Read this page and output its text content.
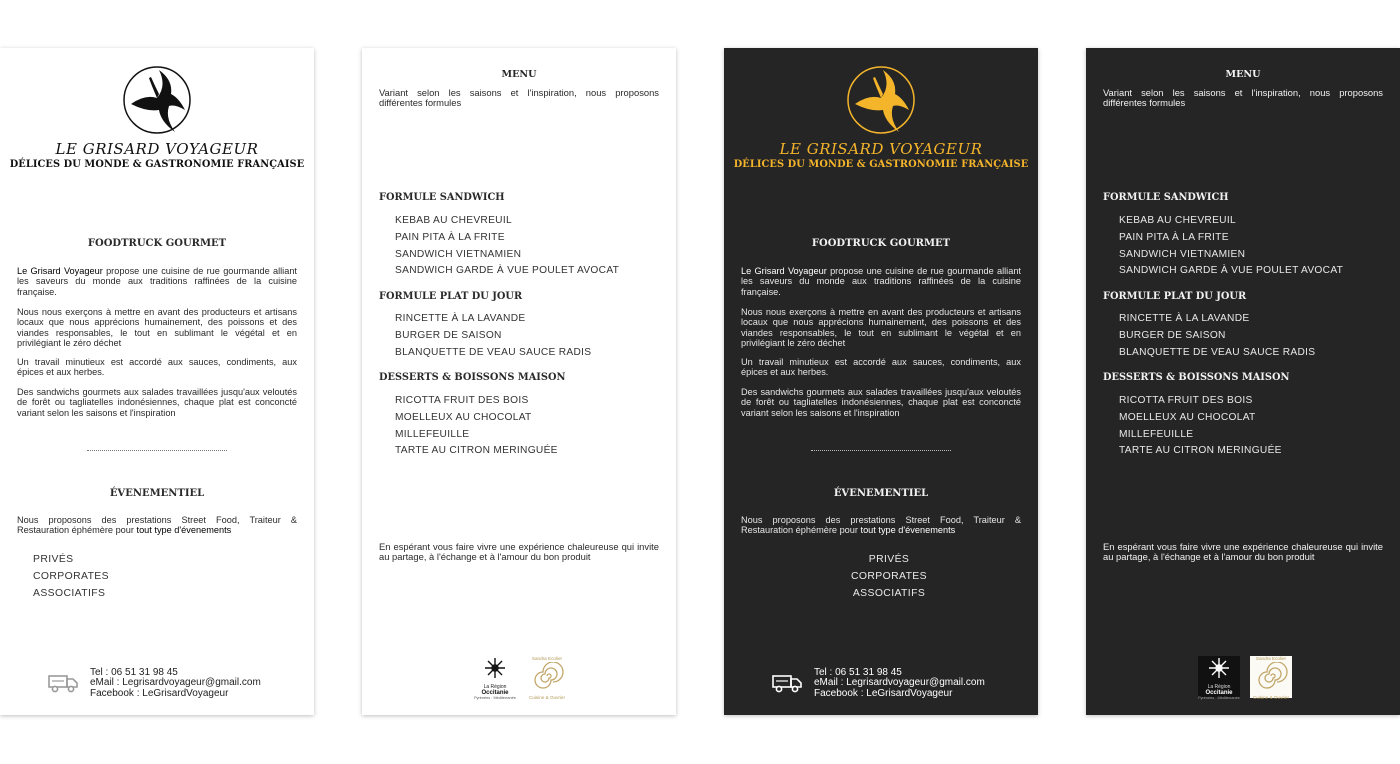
LE GRISARD VOYAGEUR
DÉLICES DU MONDE & GASTRONOMIE FRANÇAISE
FOODTRUCK GOURMET
Le Grisard Voyageur propose une cuisine de rue gourmande alliant les saveurs du monde aux traditions raffinées de la cuisine française.
Nous nous exerçons à mettre en avant des producteurs et artisans locaux que nous apprécions humainement, des poissons et des viandes responsables, le tout en sublimant le végétal et en privilégiant le zéro déchet
Un travail minutieux est accordé aux sauces, condiments, aux épices et aux herbes.
Des sandwichs gourmets aux salades travaillées jusqu'aux veloutés de forêt ou tagliatelles indonésiennes, chaque plat est conconcté variant selon les saisons et l'inspiration
ÉVENEMENTIEL
Nous proposons des prestations Street Food, Traiteur & Restauration éphémère pour tout type d'évenements
PRIVÉS
CORPORATES
ASSOCIATIFS
Tel : 06 51 31 98 45
eMail : Legrisardvoyageur@gmail.com
Facebook : LeGrisardVoyageur
MENU
Variant selon les saisons et l'inspiration, nous proposons différentes formules
FORMULE SANDWICH
KEBAB AU CHEVREUIL
PAIN PITA À LA FRITE
SANDWICH VIETNAMIEN
SANDWICH GARDE À VUE POULET AVOCAT
FORMULE PLAT DU JOUR
RINCETTE À LA LAVANDE
BURGER DE SAISON
BLANQUETTE DE VEAU SAUCE RADIS
DESSERTS & BOISSONS MAISON
RICOTTA FRUIT DES BOIS
MOELLEUX AU CHOCOLAT
MILLEFEUILLE
TARTE AU CITRON MERINGUÉE
En espérant vous faire vivre une expérience chaleureuse qui invite au partage, à l'échange et à l'amour du bon produit
La Région
Occitanie
Pyrénées · Méditerranée
Sandra Ecolier
Cuisine & Ouvrier
LE GRISARD VOYAGEUR
DÉLICES DU MONDE & GASTRONOMIE FRANÇAISE
FOODTRUCK GOURMET
Le Grisard Voyageur propose une cuisine de rue gourmande alliant les saveurs du monde aux traditions raffinées de la cuisine française.
Nous nous exerçons à mettre en avant des producteurs et artisans locaux que nous apprécions humainement, des poissons et des viandes responsables, le tout en sublimant le végétal et en privilégiant le zéro déchet
Un travail minutieux est accordé aux sauces, condiments, aux épices et aux herbes.
Des sandwichs gourmets aux salades travaillées jusqu'aux veloutés de forêt ou tagliatelles indonésiennes, chaque plat est conconcté variant selon les saisons et l'inspiration
ÉVENEMENTIEL
Nous proposons des prestations Street Food, Traiteur & Restauration éphémère pour tout type d'évenements
PRIVÉS
CORPORATES
ASSOCIATIFS
Tel : 06 51 31 98 45
eMail : Legrisardvoyageur@gmail.com
Facebook : LeGrisardVoyageur
MENU
Variant selon les saisons et l'inspiration, nous proposons différentes formules
FORMULE SANDWICH
KEBAB AU CHEVREUIL
PAIN PITA À LA FRITE
SANDWICH VIETNAMIEN
SANDWICH GARDE À VUE POULET AVOCAT
FORMULE PLAT DU JOUR
RINCETTE À LA LAVANDE
BURGER DE SAISON
BLANQUETTE DE VEAU SAUCE RADIS
DESSERTS & BOISSONS MAISON
RICOTTA FRUIT DES BOIS
MOELLEUX AU CHOCOLAT
MILLEFEUILLE
TARTE AU CITRON MERINGUÉE
En espérant vous faire vivre une expérience chaleureuse qui invite au partage, à l'échange et à l'amour du bon produit
La Région
Occitanie
Pyrénées · Méditerranée
Sandra Ecolier
Cuisine & Ouvrier
